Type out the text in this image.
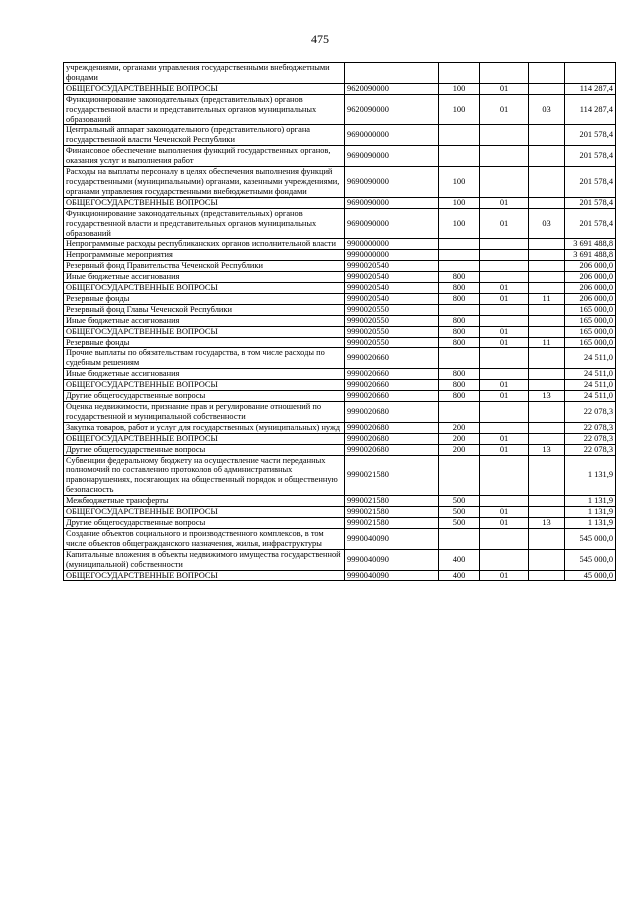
475
учреждениями, органами управления государственными внебюджетными фондами					
ОБЩЕГОСУДАРСТВЕННЫЕ ВОПРОСЫ	9620090000	100	01		114 287,4
Функционирование законодательных (представительных) органов государственной власти и представительных органов муниципальных образований	9620090000	100	01	03	114 287,4
Центральный аппарат законодательного (представительного) органа государственной власти Чеченской Республики	9690000000				201 578,4
Финансовое обеспечение выполнения функций государственных органов, оказания услуг и выполнения работ	9690090000				201 578,4
Расходы на выплаты персоналу в целях обеспечения выполнения функций государственными (муниципальными) органами, казенными учреждениями, органами управления государственными внебюджетными фондами	9690090000	100			201 578,4
ОБЩЕГОСУДАРСТВЕННЫЕ ВОПРОСЫ	9690090000	100	01		201 578,4
Функционирование законодательных (представительных) органов государственной власти и представительных органов муниципальных образований	9690090000	100	01	03	201 578,4
Непрограммные расходы республиканских органов исполнительной власти	9900000000				3 691 488,8
Непрограммные мероприятия	9990000000				3 691 488,8
Резервный фонд Правительства Чеченской Республики	9990020540				206 000,0
Иные бюджетные ассигнования	9990020540	800			206 000,0
ОБЩЕГОСУДАРСТВЕННЫЕ ВОПРОСЫ	9990020540	800	01		206 000,0
Резервные фонды	9990020540	800	01	11	206 000,0
Резервный фонд Главы Чеченской Республики	9990020550				165 000,0
Иные бюджетные ассигнования	9990020550	800			165 000,0
ОБЩЕГОСУДАРСТВЕННЫЕ ВОПРОСЫ	9990020550	800	01		165 000,0
Резервные фонды	9990020550	800	01	11	165 000,0
Прочие выплаты по обязательствам государства, в том числе расходы по судебным решениям	9990020660				24 511,0
Иные бюджетные ассигнования	9990020660	800			24 511,0
ОБЩЕГОСУДАРСТВЕННЫЕ ВОПРОСЫ	9990020660	800	01		24 511,0
Другие общегосударственные вопросы	9990020660	800	01	13	24 511,0
Оценка недвижимости, признание прав и регулирование отношений по государственной и муниципальной собственности	9990020680				22 078,3
Закупка товаров, работ и услуг для государственных (муниципальных) нужд	9990020680	200			22 078,3
ОБЩЕГОСУДАРСТВЕННЫЕ ВОПРОСЫ	9990020680	200	01		22 078,3
Другие общегосударственные вопросы	9990020680	200	01	13	22 078,3
Субвенции федеральному бюджету на осуществление части переданных полномочий по составлению протоколов об административных правонарушениях, посягающих на общественный порядок и общественную безопасность	9990021580				1 131,9
Межбюджетные трансферты	9990021580	500			1 131,9
ОБЩЕГОСУДАРСТВЕННЫЕ ВОПРОСЫ	9990021580	500	01		1 131,9
Другие общегосударственные вопросы	9990021580	500	01	13	1 131,9
Создание объектов социального и производственного комплексов, в том числе объектов общегражданского назначения, жилья, инфраструктуры	9990040090				545 000,0
Капитальные вложения в объекты недвижимого имущества государственной (муниципальной) собственности	9990040090	400			545 000,0
ОБЩЕГОСУДАРСТВЕННЫЕ ВОПРОСЫ	9990040090	400	01		45 000,0
